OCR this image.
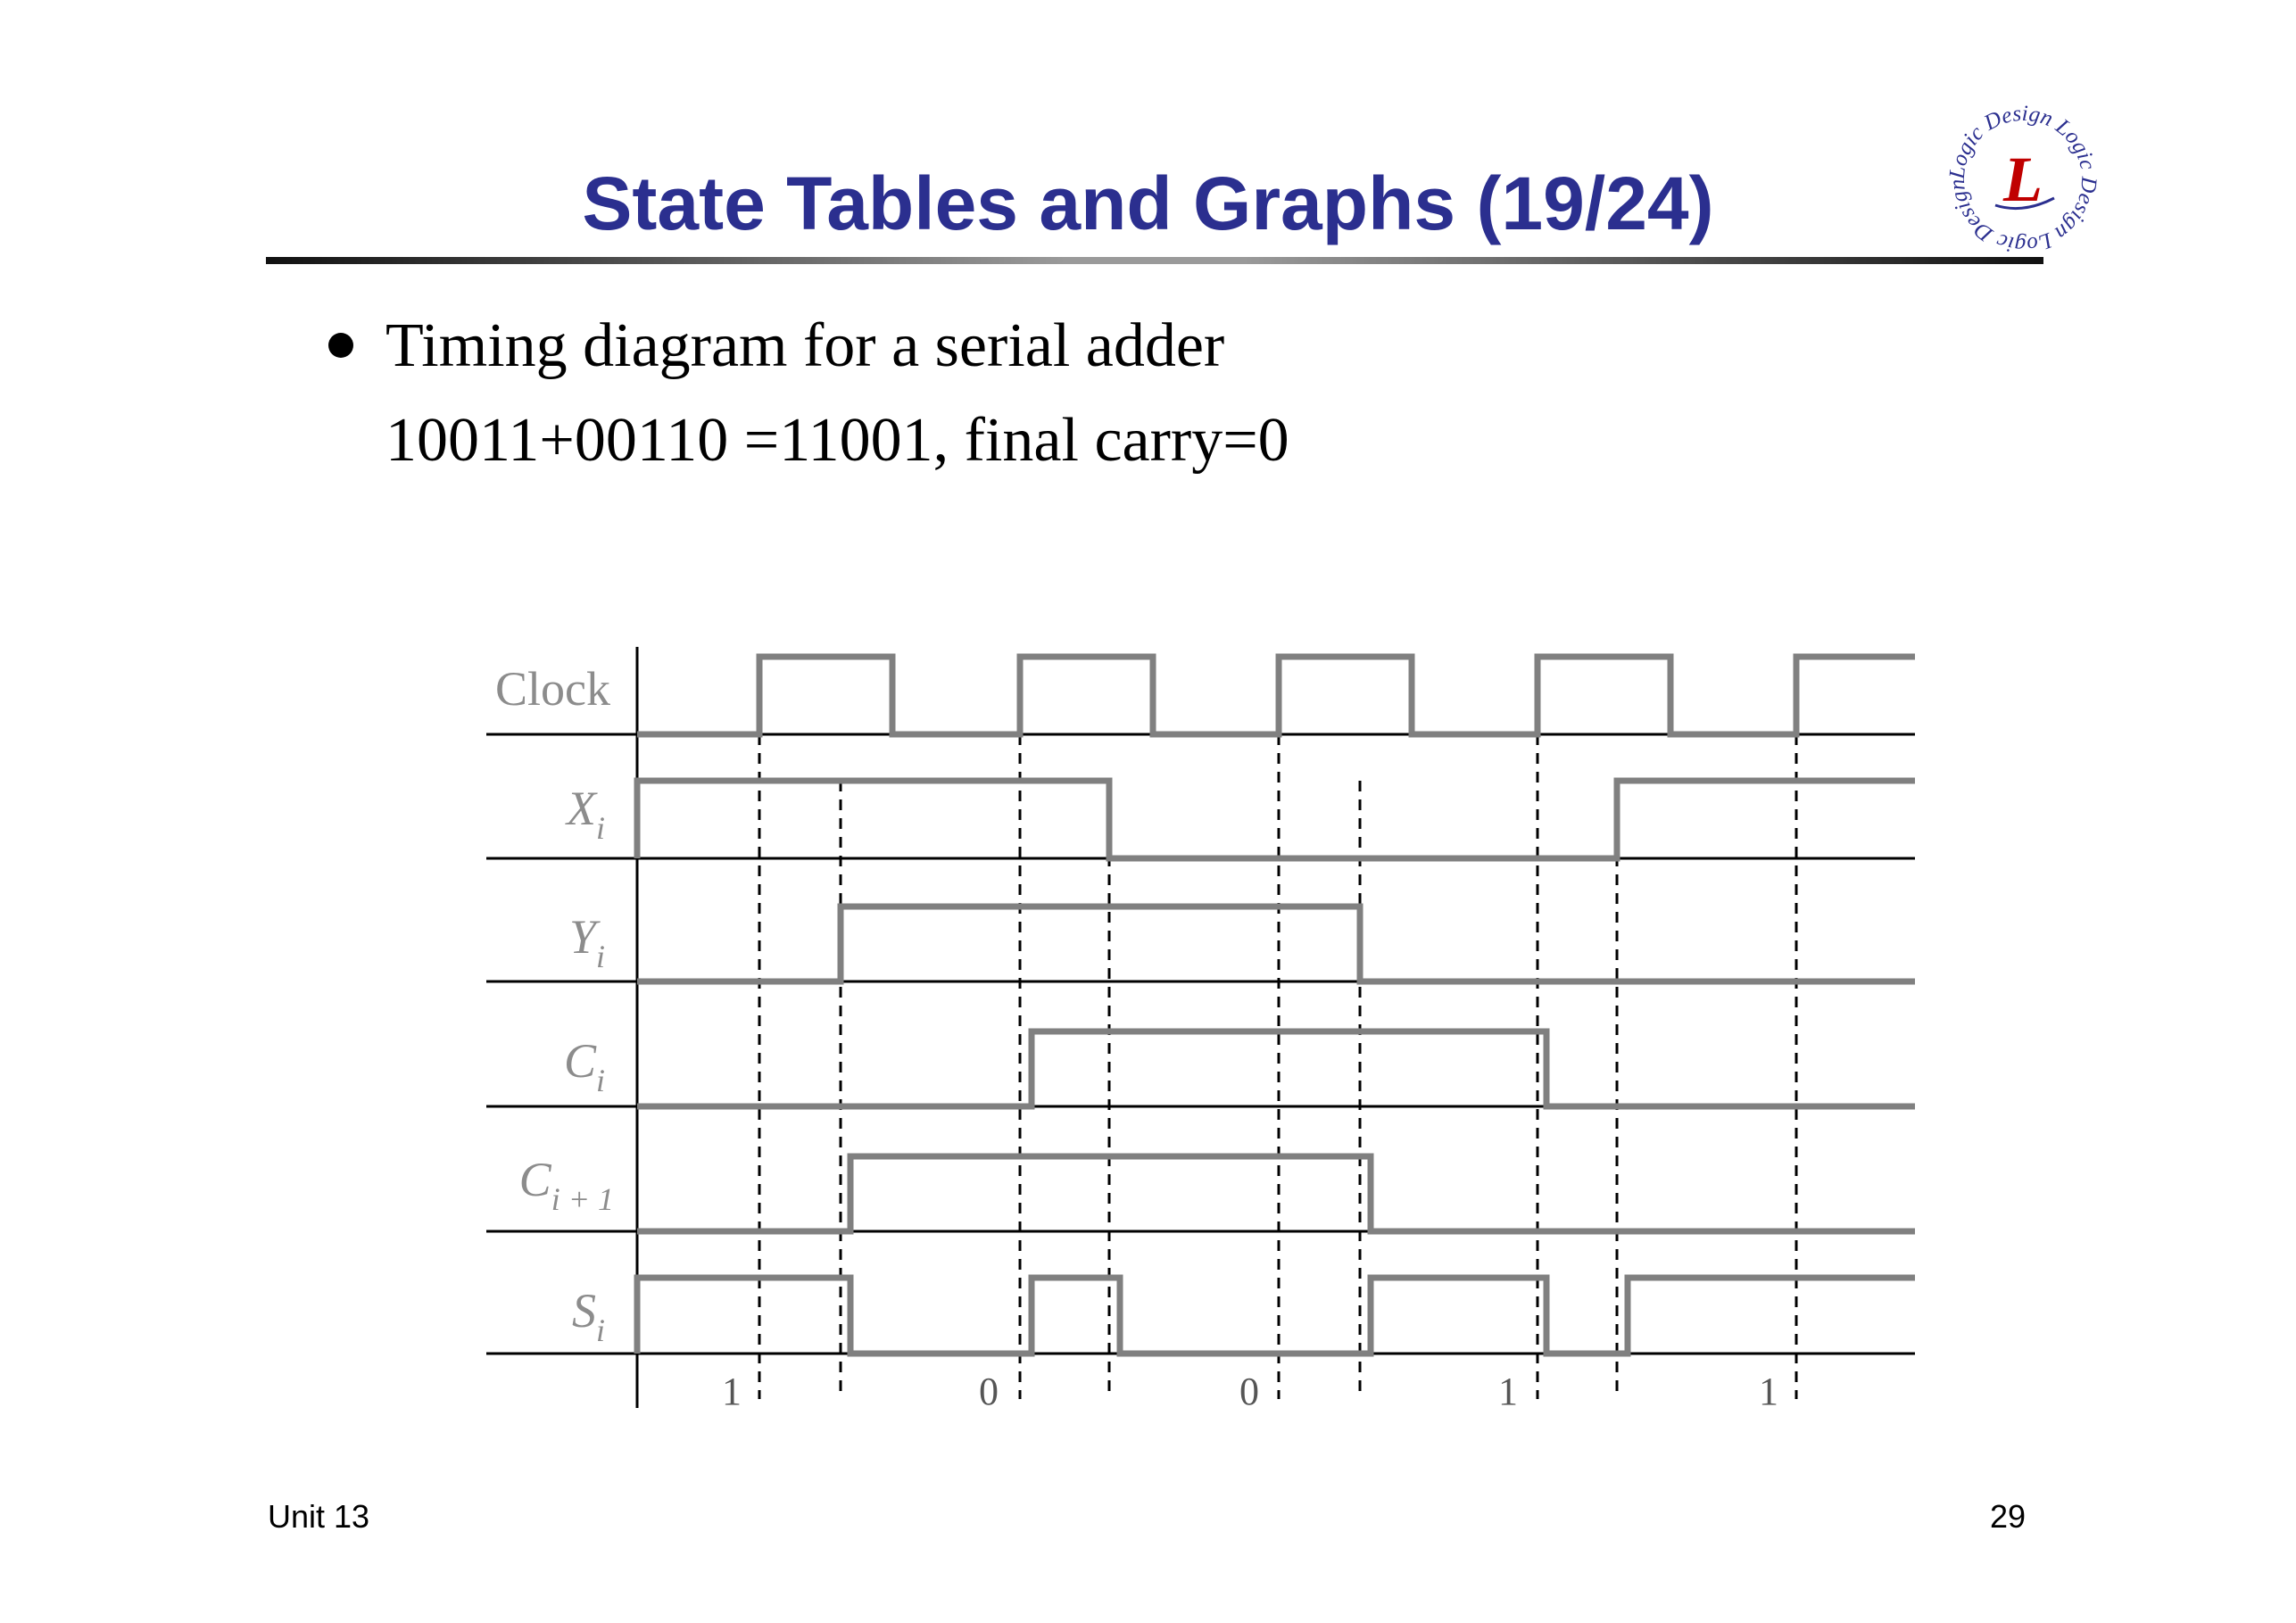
State Tables and Graphs (19/24)	Logic Design Logic Design Logic Design L
Timing diagram for a serial adder
10011+00110 =11001, final carry=0
Clock
$X_i$
$Y_i$
$C_i$
$C_{i + 1}$
$S_i$
1	0	0	1	1
Unit 13	29
